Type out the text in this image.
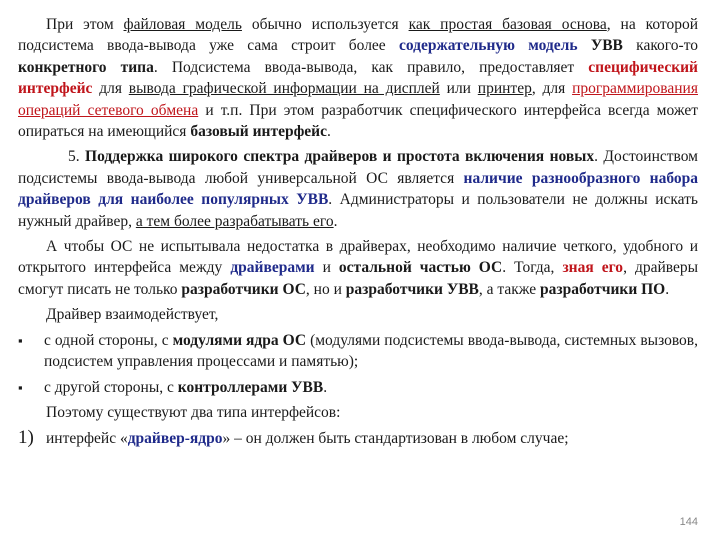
При этом файловая модель обычно используется как простая базовая основа, на которой подсистема ввода-вывода уже сама строит более содержательную модель УВВ какого-то конкретного типа. Подсистема ввода-вывода, как правило, предоставляет специфический интерфейс для вывода графической информации на дисплей или принтер, для программирования операций сетевого обмена и т.п. При этом разработчик специфического интерфейса всегда может опираться на имеющийся базовый интерфейс.

5. Поддержка широкого спектра драйверов и простота включения новых. Достоинством подсистемы ввода-вывода любой универсальной ОС является наличие разнообразного набора драйверов для наиболее популярных УВВ. Администраторы и пользователи не должны искать нужный драйвер, а тем более разрабатывать его.

А чтобы ОС не испытывала недостатка в драйверах, необходимо наличие четкого, удобного и открытого интерфейса между драйверами и остальной частью ОС. Тогда, зная его, драйверы смогут писать не только разработчики ОС, но и разработчики УВВ, а также разработчики ПО.

Драйвер взаимодействует,

▪	с одной стороны, с модулями ядра ОС (модулями подсистемы ввода-вывода, системных вызовов, подсистем управления процессами и памятью);
▪	с другой стороны, с контроллерами УВВ.

Поэтому существуют два типа интерфейсов:

1) интерфейс «драйвер-ядро» – он должен быть стандартизован в любом случае;
144
